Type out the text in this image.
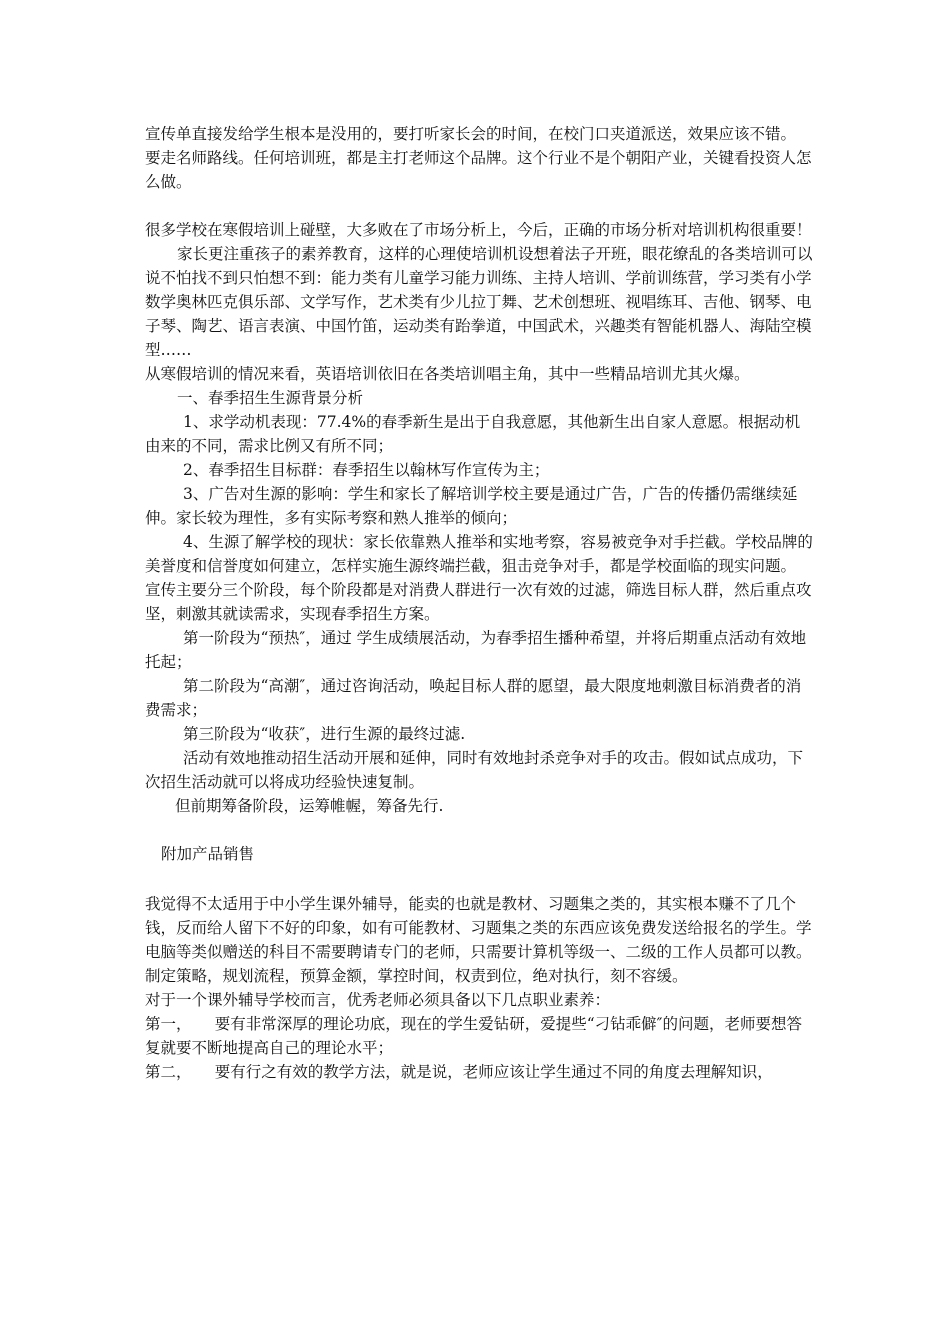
宣传单直接发给学生根本是没用的，要打听家长会的时间，在校门口夹道派送，效果应该不错。

要走名师路线。任何培训班，都是主打老师这个品牌。这个行业不是个朝阳产业，关键看投资人怎么做。

很多学校在寒假培训上碰壁，大多败在了市场分析上，今后，正确的市场分析对培训机构很重要！

家长更注重孩子的素养教育，这样的心理使培训机设想着法子开班，眼花缭乱的各类培训可以说不怕找不到只怕想不到：能力类有儿童学习能力训练、主持人培训、学前训练营，学习类有小学数学奥林匹克俱乐部、文学写作，艺术类有少儿拉丁舞、艺术创想班、视唱练耳、吉他、钢琴、电子琴、陶艺、语言表演、中国竹笛，运动类有跆拳道，中国武术，兴趣类有智能机器人、海陆空模型……

从寒假培训的情况来看，英语培训依旧在各类培训唱主角，其中一些精品培训尤其火爆。

一、春季招生生源背景分析

1、求学动机表现：77.4%的春季新生是出于自我意愿，其他新生出自家人意愿。根据动机由来的不同，需求比例又有所不同；

2、春季招生目标群：春季招生以翰林写作宣传为主；

3、广告对生源的影响：学生和家长了解培训学校主要是通过广告，广告的传播仍需继续延伸。家长较为理性，多有实际考察和熟人推举的倾向；

4、生源了解学校的现状：家长依靠熟人推举和实地考察，容易被竞争对手拦截。学校品牌的美誉度和信誉度如何建立，怎样实施生源终端拦截，狙击竞争对手，都是学校面临的现实问题。

宣传主要分三个阶段，每个阶段都是对消费人群进行一次有效的过滤，筛选目标人群，然后重点攻坚，刺激其就读需求，实现春季招生方案。

第一阶段为“预热″，通过 学生成绩展活动，为春季招生播种希望，并将后期重点活动有效地托起；

第二阶段为“高潮″，通过咨询活动，唤起目标人群的愿望，最大限度地刺激目标消费者的消费需求；

第三阶段为“收获″，进行生源的最终过滤.

活动有效地推动招生活动开展和延伸，同时有效地封杀竞争对手的攻击。假如试点成功，下次招生活动就可以将成功经验快速复制。

但前期筹备阶段，运筹帷幄，筹备先行.

附加产品销售

我觉得不太适用于中小学生课外辅导，能卖的也就是教材、习题集之类的，其实根本赚不了几个钱，反而给人留下不好的印象，如有可能教材、习题集之类的东西应该免费发送给报名的学生。学电脑等类似赠送的科目不需要聘请专门的老师，只需要计算机等级一、二级的工作人员都可以教。

制定策略，规划流程，预算金额，掌控时间，权责到位，绝对执行，刻不容缓。

对于一个课外辅导学校而言，优秀老师必须具备以下几点职业素养：

第一，　　要有非常深厚的理论功底，现在的学生爱钻研，爱提些“刁钻乖僻″的问题，老师要想答复就要不断地提高自己的理论水平；

第二，　　要有行之有效的教学方法，就是说，老师应该让学生通过不同的角度去理解知识，
